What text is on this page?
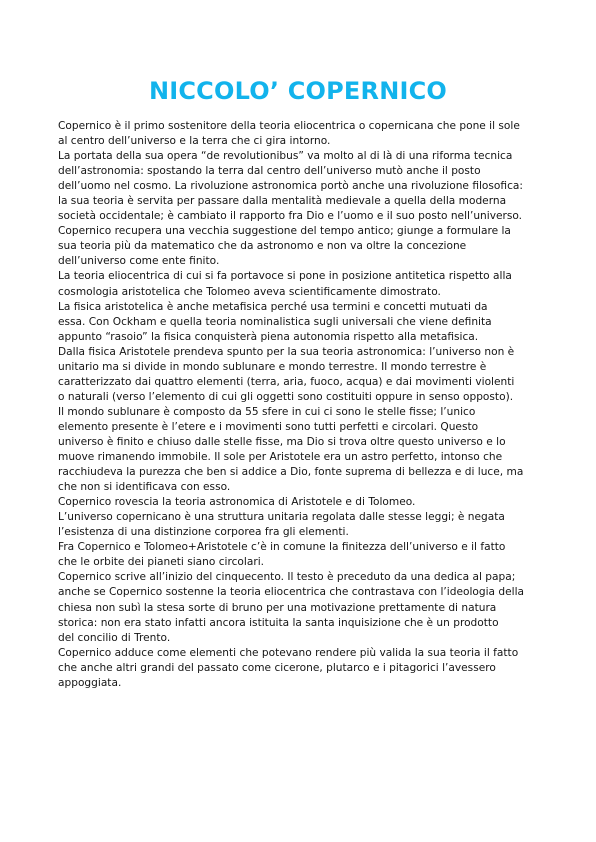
NICCOLO’ COPERNICO
Copernico è il primo sostenitore della teoria eliocentrica o copernicana che pone il sole
al centro dell’universo e la terra che ci gira intorno.
La portata della sua opera “de revolutionibus” va molto al di là di una riforma tecnica
dell’astronomia: spostando la terra dal centro dell’universo mutò anche il posto
dell’uomo nel cosmo. La rivoluzione astronomica portò anche una rivoluzione filosofica:
la sua teoria è servita per passare dalla mentalità medievale a quella della moderna
società occidentale; è cambiato il rapporto fra Dio e l’uomo e il suo posto nell’universo.
Copernico recupera una vecchia suggestione del tempo antico; giunge a formulare la
sua teoria più da matematico che da astronomo e non va oltre la concezione
dell’universo come ente finito.
La teoria eliocentrica di cui si fa portavoce si pone in posizione antitetica rispetto alla
cosmologia aristotelica che Tolomeo aveva scientificamente dimostrato.
La fisica aristotelica è anche metafisica perché usa termini e concetti mutuati da
essa. Con Ockham e quella teoria nominalistica sugli universali che viene definita
appunto “rasoio” la fisica conquisterà piena autonomia rispetto alla metafisica.
Dalla fisica Aristotele prendeva spunto per la sua teoria astronomica: l’universo non è
unitario ma si divide in mondo sublunare e mondo terrestre. Il mondo terrestre è
caratterizzato dai quattro elementi (terra, aria, fuoco, acqua) e dai movimenti violenti
o naturali (verso l’elemento di cui gli oggetti sono costituiti oppure in senso opposto).
Il mondo sublunare è composto da 55 sfere in cui ci sono le stelle fisse; l’unico
elemento presente è l’etere e i movimenti sono tutti perfetti e circolari. Questo
universo è finito e chiuso dalle stelle fisse, ma Dio si trova oltre questo universo e lo
muove rimanendo immobile. Il sole per Aristotele era un astro perfetto, intonso che
racchiudeva la purezza che ben si addice a Dio, fonte suprema di bellezza e di luce, ma
che non si identificava con esso.
Copernico rovescia la teoria astronomica di Aristotele e di Tolomeo.
L’universo copernicano è una struttura unitaria regolata dalle stesse leggi; è negata
l’esistenza di una distinzione corporea fra gli elementi.
Fra Copernico e Tolomeo+Aristotele c’è in comune la finitezza dell’universo e il fatto
che le orbite dei pianeti siano circolari.
Copernico scrive all’inizio del cinquecento. Il testo è preceduto da una dedica al papa;
anche se Copernico sostenne la teoria eliocentrica che contrastava con l’ideologia della
chiesa non subì la stesa sorte di bruno per una motivazione prettamente di natura
storica: non era stato infatti ancora istituita la santa inquisizione che è un prodotto
del concilio di Trento.
Copernico adduce come elementi che potevano rendere più valida la sua teoria il fatto
che anche altri grandi del passato come cicerone, plutarco e i pitagorici l’avessero
appoggiata.
